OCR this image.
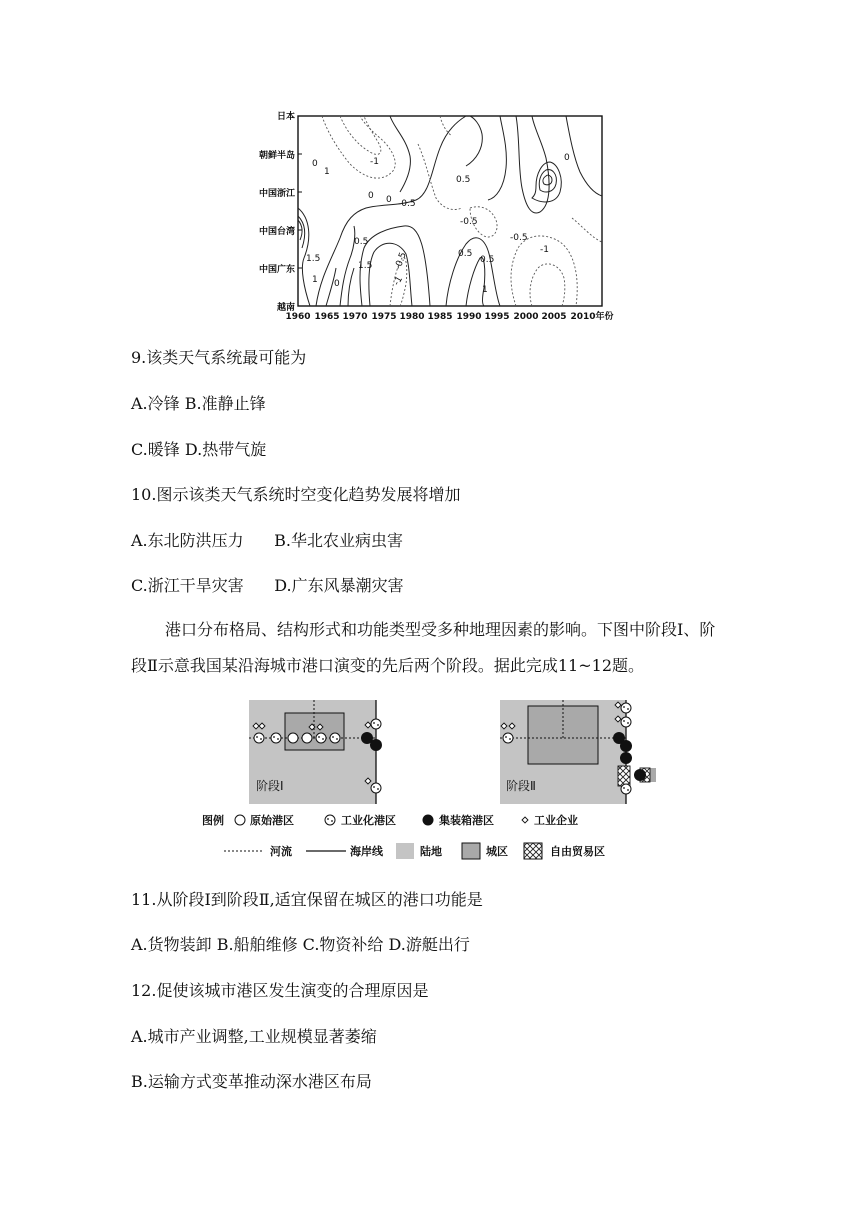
日本
朝鲜半岛
中国浙江
中国台湾
中国广东
越南
1960 1965 1970 1975 1980 1985 1990 1995 2000 2005 2010年份
0	-1
1
0.5
0
-0.5
0
-0.5
-0.5
-1
0.5
1.5
1 0
0.5
1.5 -0.5
-1
0.5
1
0
9.该类天气系统最可能为
A.冷锋 B.准静止锋
C.暖锋 D.热带气旋
10.图示该类天气系统时空变化趋势发展将增加
A.东北防洪压力      B.华北农业病虫害
C.浙江干旱灾害      D.广东风暴潮灾害
港口分布格局、结构形式和功能类型受多种地理因素的影响。下图中阶段Ⅰ、阶段Ⅱ示意我国某沿海城市港口演变的先后两个阶段。据此完成11~12题。
阶段Ⅰ	阶段Ⅱ
图例 原始港区	工业化港区	集装箱港区	工业企业
河流	海岸线	陆地	城区	自由贸易区
11.从阶段Ⅰ到阶段Ⅱ,适宜保留在城区的港口功能是
A.货物装卸 B.船舶维修 C.物资补给 D.游艇出行
12.促使该城市港区发生演变的合理原因是
A.城市产业调整,工业规模显著萎缩
B.运输方式变革推动深水港区布局
